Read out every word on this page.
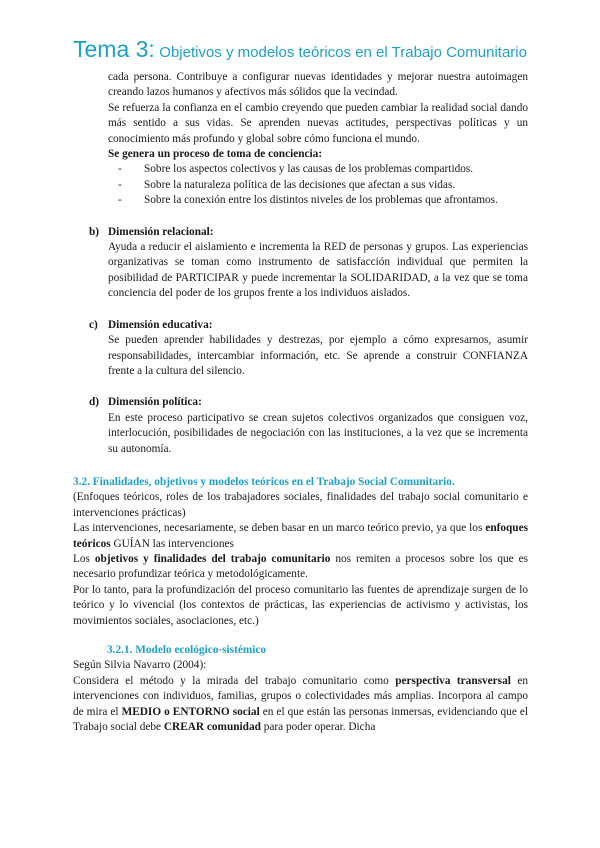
Tema 3: Objetivos y modelos teóricos en el Trabajo Comunitario

cada persona. Contribuye a configurar nuevas identidades y mejorar nuestra autoimagen creando lazos humanos y afectivos más sólidos que la vecindad.

Se refuerza la confianza en el cambio creyendo que pueden cambiar la realidad social dando más sentido a sus vidas. Se aprenden nuevas actitudes, perspectivas políticas y un conocimiento más profundo y global sobre cómo funciona el mundo.

Se genera un proceso de toma de conciencia:

- Sobre los aspectos colectivos y las causas de los problemas compartidos.
- Sobre la naturaleza política de las decisiones que afectan a sus vidas.
- Sobre la conexión entre los distintos niveles de los problemas que afrontamos.
b) Dimensión relacional:

Ayuda a reducir el aislamiento e incrementa la RED de personas y grupos. Las experiencias organizativas se toman como instrumento de satisfacción individual que permiten la posibilidad de PARTICIPAR y puede incrementar la SOLIDARIDAD, a la vez que se toma conciencia del poder de los grupos frente a los individuos aislados.

c) Dimensión educativa:

Se pueden aprender habilidades y destrezas, por ejemplo a cómo expresarnos, asumir responsabilidades, intercambiar información, etc. Se aprende a construir CONFIANZA frente a la cultura del silencio.

d) Dimensión política:

En este proceso participativo se crean sujetos colectivos organizados que consiguen voz, interlocución, posibilidades de negociación con las instituciones, a la vez que se incrementa su autonomía.

3.2. Finalidades, objetivos y modelos teóricos en el Trabajo Social Comunitario.

(Enfoques teóricos, roles de los trabajadores sociales, finalidades del trabajo social comunitario e intervenciones prácticas)

Las intervenciones, necesariamente, se deben basar en un marco teórico previo, ya que los enfoques teóricos GUÍAN las intervenciones

Los objetivos y finalidades del trabajo comunitario nos remiten a procesos sobre los que es necesario profundizar teórica y metodológicamente.

Por lo tanto, para la profundización del proceso comunitario las fuentes de aprendizaje surgen de lo teórico y lo vivencial (los contextos de prácticas, las experiencias de activismo y activistas, los movimientos sociales, asociaciones, etc.)

3.2.1. Modelo ecológico-sistémico

Según Silvia Navarro (2004):

Considera el método y la mirada del trabajo comunitario como perspectiva transversal en intervenciones con individuos, familias, grupos o colectividades más amplias. Incorpora al campo de mira el MEDIO o ENTORNO social en el que están las personas inmersas, evidenciando que el Trabajo social debe CREAR comunidad para poder operar. Dicha
